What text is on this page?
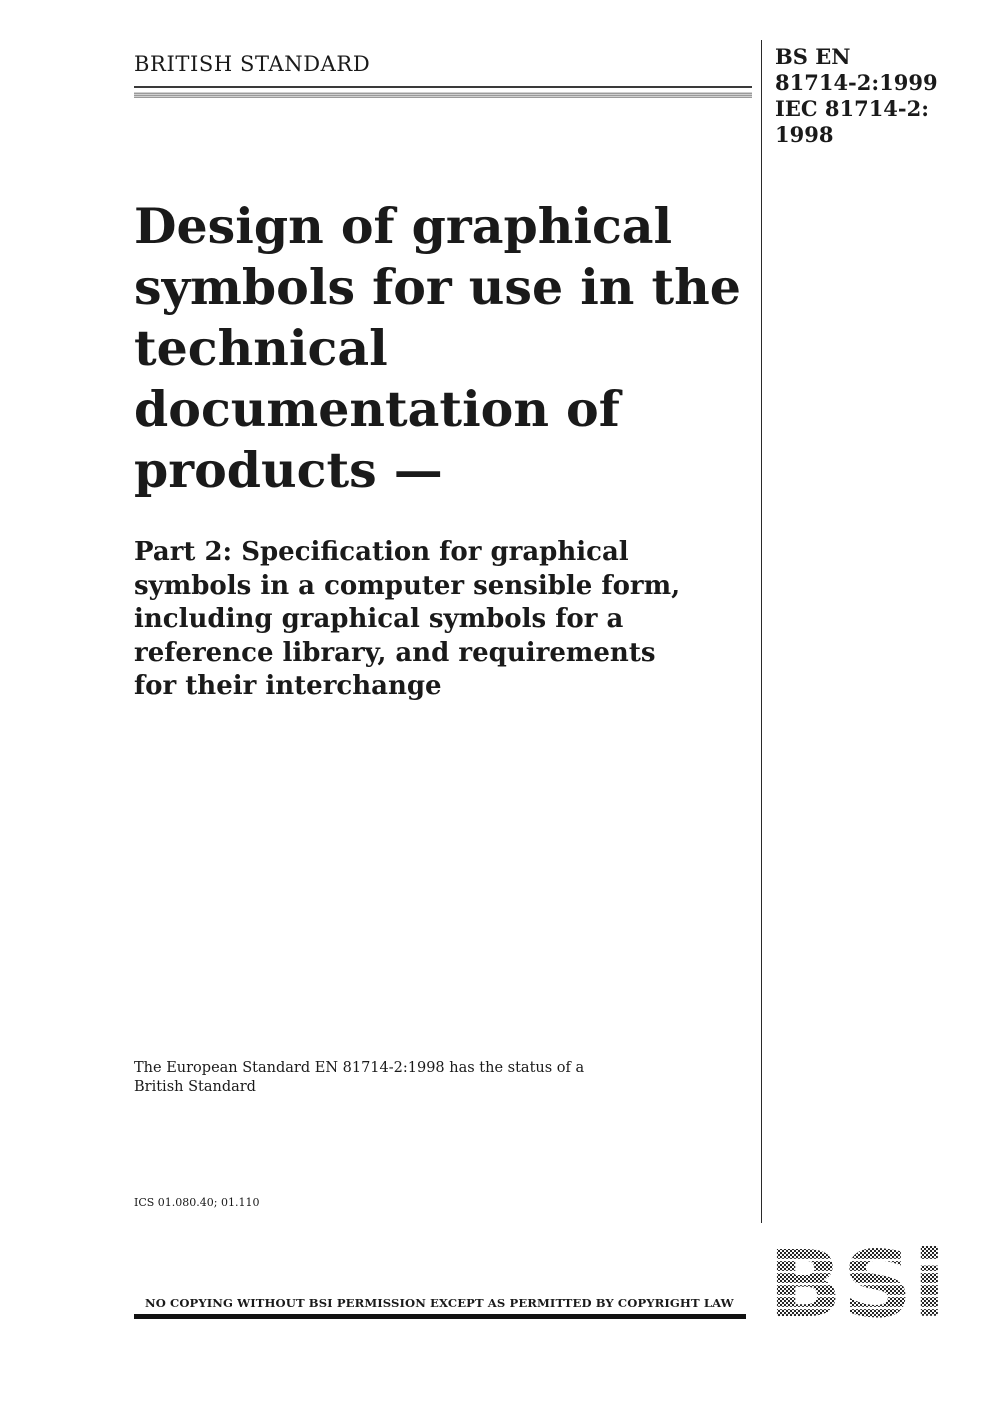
BRITISH STANDARD	BS EN
81714-2:1999
IEC 81714-2:
1998
Design of graphical
symbols for use in the
technical
documentation of
products —
Part 2: Specification for graphical
symbols in a computer sensible form,
including graphical symbols for a
reference library, and requirements
for their interchange
The European Standard EN 81714-2:1998 has the status of a
British Standard
ICS 01.080.40; 01.110
NO COPYING WITHOUT BSI PERMISSION EXCEPT AS PERMITTED BY COPYRIGHT LAW
